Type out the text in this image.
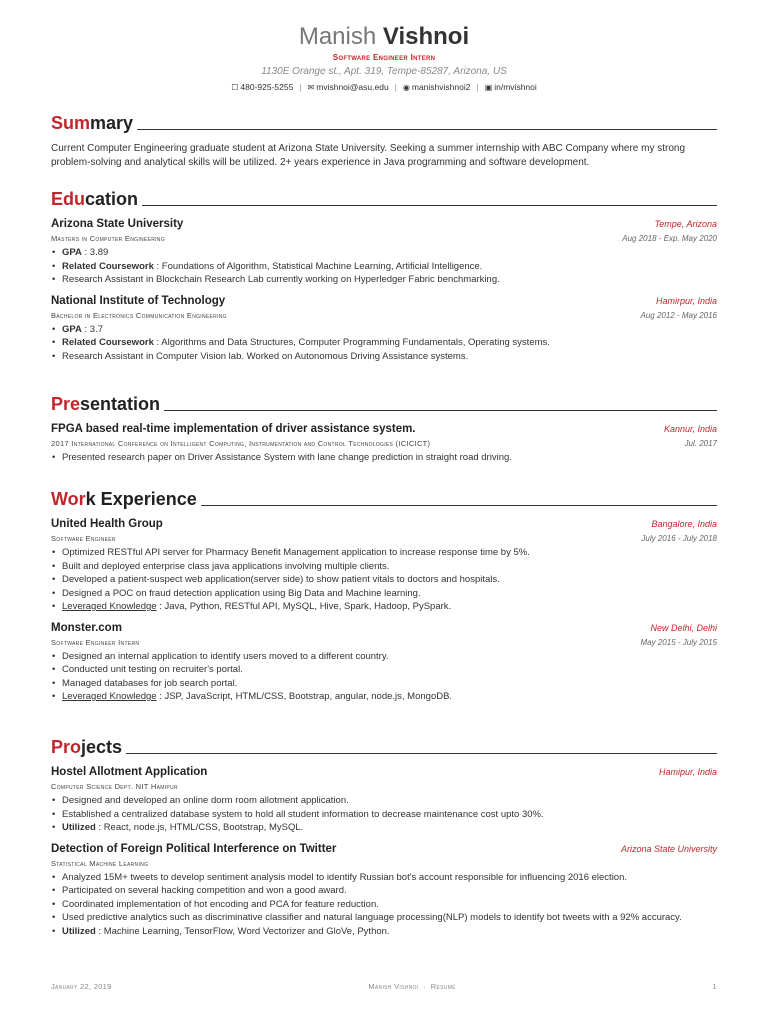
Manish Vishnoi
Software Engineer Intern
1130E Orange st., Apt. 319, Tempe-85287, Arizona, US
☐ 480-925-5255 | ✉ mvishnoi@asu.edu | ◉ manishvishnoi2 | ▣ in/mvishnoi
Sum mary
Current Computer Engineering graduate student at Arizona State University. Seeking a summer internship with ABC Company where my strong problem-solving and analytical skills will be utilized. 2+ years experience in Java programming and software development.
Edu cation
Arizona State University	Tempe, Arizona
Masters in Computer Engineering	Aug 2018 - Exp. May 2020
• GPA : 3.89
• Related Coursework : Foundations of Algorithm, Statistical Machine Learning, Artificial Intelligence.
• Research Assistant in Blockchain Research Lab currently working on Hyperledger Fabric benchmarking.
National Institute of Technology	Hamirpur, India
Bachelor in Electronics Communication Engineering	Aug 2012 - May 2016
• GPA : 3.7
• Related Coursework : Algorithms and Data Structures, Computer Programming Fundamentals, Operating systems.
• Research Assistant in Computer Vision lab. Worked on Autonomous Driving Assistance systems.
Pre sentation
FPGA based real-time implementation of driver assistance system.	Kannur, India
2017 International Conference on Intelligent Computing, Instrumentation and Control Technologies (ICICICT)	Jul. 2017
• Presented research paper on Driver Assistance System with lane change prediction in straight road driving.
Wor k Experience
United Health Group	Bangalore, India
Software Engineer	July 2016 - July 2018
• Optimized RESTful API server for Pharmacy Benefit Management application to increase response time by 5%.
• Built and deployed enterprise class java applications involving multiple clients.
• Developed a patient-suspect web application(server side) to show patient vitals to doctors and hospitals.
• Designed a POC on fraud detection application using Big Data and Machine learning.
• Leveraged Knowledge : Java, Python, RESTful API, MySQL, Hive, Spark, Hadoop, PySpark.
Monster.com	New Delhi, Delhi
Software Engineer Intern	May 2015 - July 2015
• Designed an internal application to identify users moved to a different country.
• Conducted unit testing on recruiter's portal.
• Managed databases for job search portal.
• Leveraged Knowledge : JSP, JavaScript, HTML/CSS, Bootstrap, angular, node.js, MongoDB.
Pro jects
Hostel Allotment Application	Hamipur, India
Computer Science Dept. NIT Hamipur
• Designed and developed an online dorm room allotment application.
• Established a centralized database system to hold all student information to decrease maintenance cost upto 30%.
• Utilized : React, node.js, HTML/CSS, Bootstrap, MySQL.
Detection of Foreign Political Interference on Twitter	Arizona State University
Statistical Machine Learning
• Analyzed 15M+ tweets to develop sentiment analysis model to identify Russian bot's account responsible for influencing 2016 election.
• Participated on several hacking competition and won a good award.
• Coordinated implementation of hot encoding and PCA for feature reduction.
• Used predictive analytics such as discriminative classifier and natural language processing(NLP) models to identify bot tweets with a 92% accuracy.
• Utilized : Machine Learning, TensorFlow, Word Vectorizer and GloVe, Python.
January 22, 2019	Manish Vishnoi  ·  Résumé	1
